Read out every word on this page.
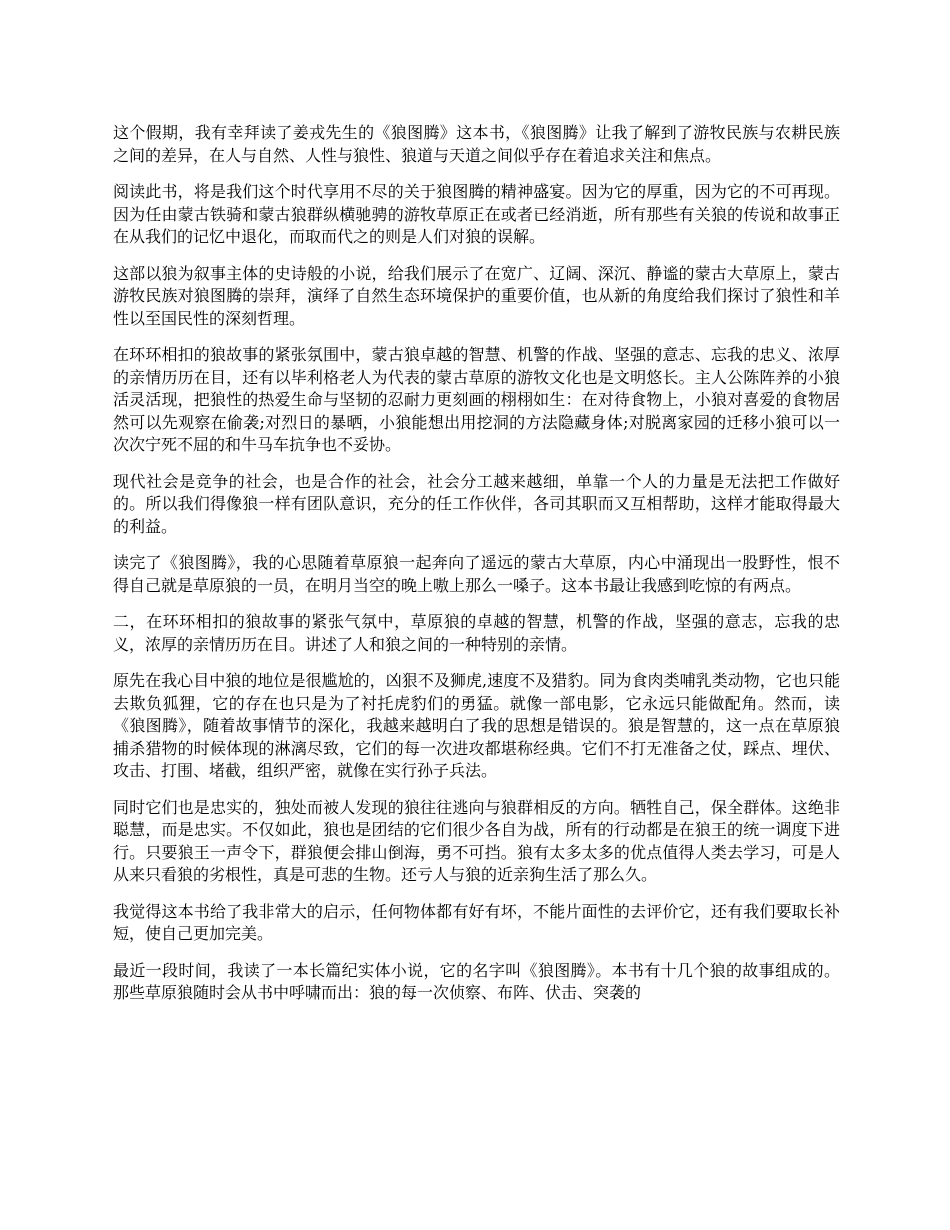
这个假期，我有幸拜读了姜戎先生的《狼图腾》这本书，《狼图腾》让我了解到了游牧民族与农耕民族之间的差异，在人与自然、人性与狼性、狼道与天道之间似乎存在着追求关注和焦点。

阅读此书，将是我们这个时代享用不尽的关于狼图腾的精神盛宴。因为它的厚重，因为它的不可再现。因为任由蒙古铁骑和蒙古狼群纵横驰骋的游牧草原正在或者已经消逝，所有那些有关狼的传说和故事正在从我们的记忆中退化，而取而代之的则是人们对狼的误解。

这部以狼为叙事主体的史诗般的小说，给我们展示了在宽广、辽阔、深沉、静谧的蒙古大草原上，蒙古游牧民族对狼图腾的崇拜，演绎了自然生态环境保护的重要价值，也从新的角度给我们探讨了狼性和羊性以至国民性的深刻哲理。

在环环相扣的狼故事的紧张氛围中，蒙古狼卓越的智慧、机警的作战、坚强的意志、忘我的忠义、浓厚的亲情历历在目，还有以毕利格老人为代表的蒙古草原的游牧文化也是文明悠长。主人公陈阵养的小狼活灵活现，把狼性的热爱生命与坚韧的忍耐力更刻画的栩栩如生：在对待食物上，小狼对喜爱的食物居然可以先观察在偷袭;对烈日的暴晒，小狼能想出用挖洞的方法隐藏身体;对脱离家园的迁移小狼可以一次次宁死不屈的和牛马车抗争也不妥协。

现代社会是竞争的社会，也是合作的社会，社会分工越来越细，单靠一个人的力量是无法把工作做好的。所以我们得像狼一样有团队意识，充分的任工作伙伴，各司其职而又互相帮助，这样才能取得最大的利益。

读完了《狼图腾》，我的心思随着草原狼一起奔向了遥远的蒙古大草原，内心中涌现出一股野性，恨不得自己就是草原狼的一员，在明月当空的晚上嗷上那么一嗓子。这本书最让我感到吃惊的有两点。

二，在环环相扣的狼故事的紧张气氛中，草原狼的卓越的智慧，机警的作战，坚强的意志，忘我的忠义，浓厚的亲情历历在目。讲述了人和狼之间的一种特别的亲情。

原先在我心目中狼的地位是很尴尬的，凶狠不及狮虎,速度不及猎豹。同为食肉类哺乳类动物，它也只能去欺负狐狸，它的存在也只是为了衬托虎豹们的勇猛。就像一部电影，它永远只能做配角。然而，读《狼图腾》，随着故事情节的深化，我越来越明白了我的思想是错误的。狼是智慧的，这一点在草原狼捕杀猎物的时候体现的淋漓尽致，它们的每一次进攻都堪称经典。它们不打无准备之仗，踩点、埋伏、攻击、打围、堵截，组织严密，就像在实行孙子兵法。

同时它们也是忠实的，独处而被人发现的狼往往逃向与狼群相反的方向。牺牲自己，保全群体。这绝非聪慧，而是忠实。不仅如此，狼也是团结的它们很少各自为战，所有的行动都是在狼王的统一调度下进行。只要狼王一声令下，群狼便会排山倒海，勇不可挡。狼有太多太多的优点值得人类去学习，可是人从来只看狼的劣根性，真是可悲的生物。还亏人与狼的近亲狗生活了那么久。

我觉得这本书给了我非常大的启示，任何物体都有好有坏，不能片面性的去评价它，还有我们要取长补短，使自己更加完美。

最近一段时间，我读了一本长篇纪实体小说，它的名字叫《狼图腾》。本书有十几个狼的故事组成的。那些草原狼随时会从书中呼啸而出：狼的每一次侦察、布阵、伏击、突袭的
